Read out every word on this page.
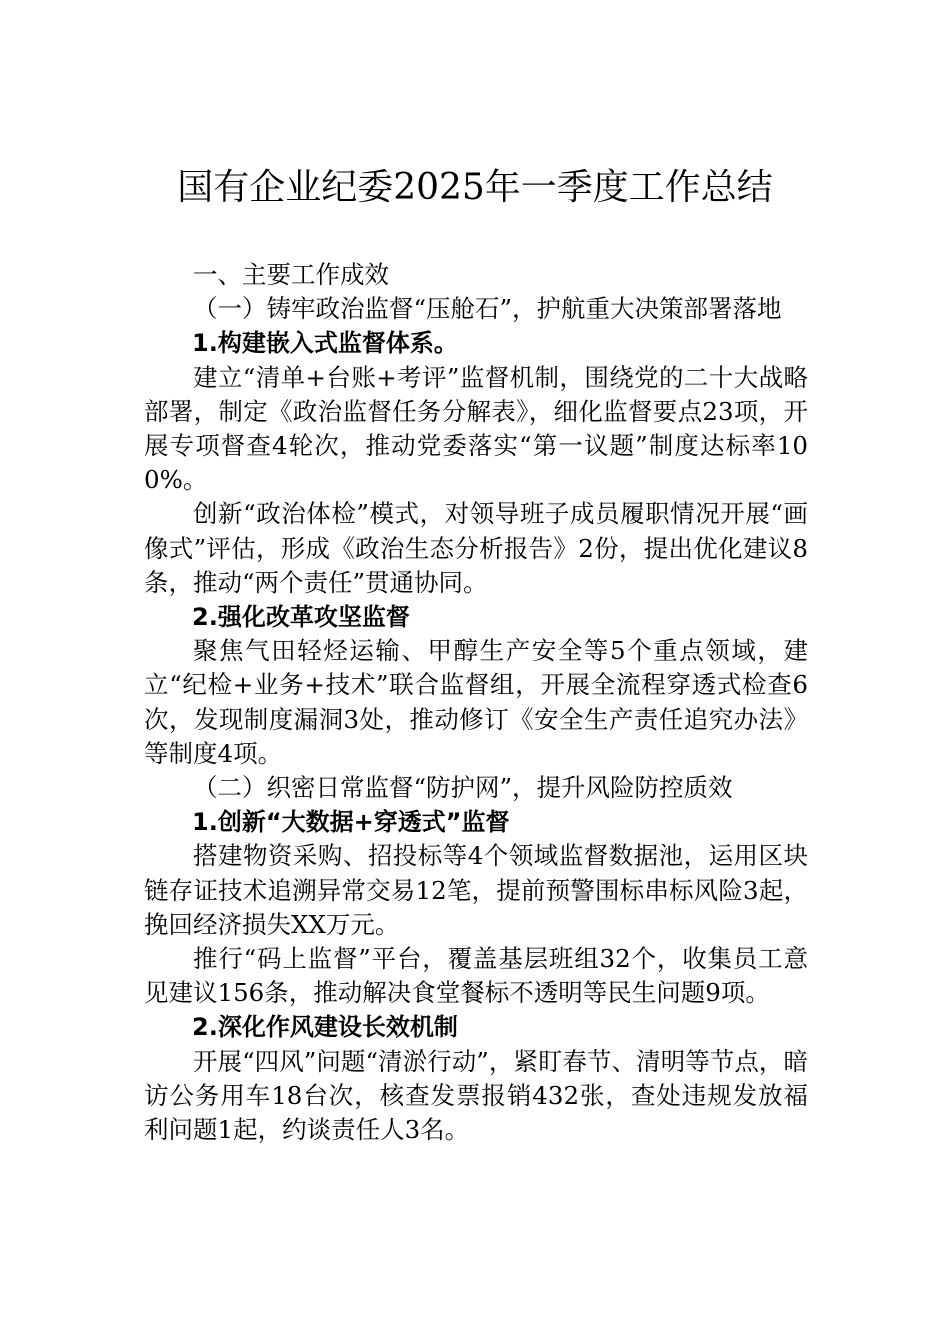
国有企业纪委2025年一季度工作总结

一、主要工作成效

（一）铸牢政治监督“压舱石”，护航重大决策部署落地

1.构建嵌入式监督体系。

建立“清单+台账+考评”监督机制，围绕党的二十大战略部署，制定《政治监督任务分解表》，细化监督要点23项，开展专项督查4轮次，推动党委落实“第一议题”制度达标率100%。

创新“政治体检”模式，对领导班子成员履职情况开展“画像式”评估，形成《政治生态分析报告》2份，提出优化建议8条，推动“两个责任”贯通协同。

2.强化改革攻坚监督

聚焦气田轻烃运输、甲醇生产安全等5个重点领域，建立“纪检+业务+技术”联合监督组，开展全流程穿透式检查6次，发现制度漏洞3处，推动修订《安全生产责任追究办法》等制度4项。

（二）织密日常监督“防护网”，提升风险防控质效

1.创新“大数据+穿透式”监督

搭建物资采购、招投标等4个领域监督数据池，运用区块链存证技术追溯异常交易12笔，提前预警围标串标风险3起，挽回经济损失XX万元。

推行“码上监督”平台，覆盖基层班组32个，收集员工意见建议156条，推动解决食堂餐标不透明等民生问题9项。

2.深化作风建设长效机制

开展“四风”问题“清淤行动”，紧盯春节、清明等节点，暗访公务用车18台次，核查发票报销432张，查处违规发放福利问题1起，约谈责任人3名。
